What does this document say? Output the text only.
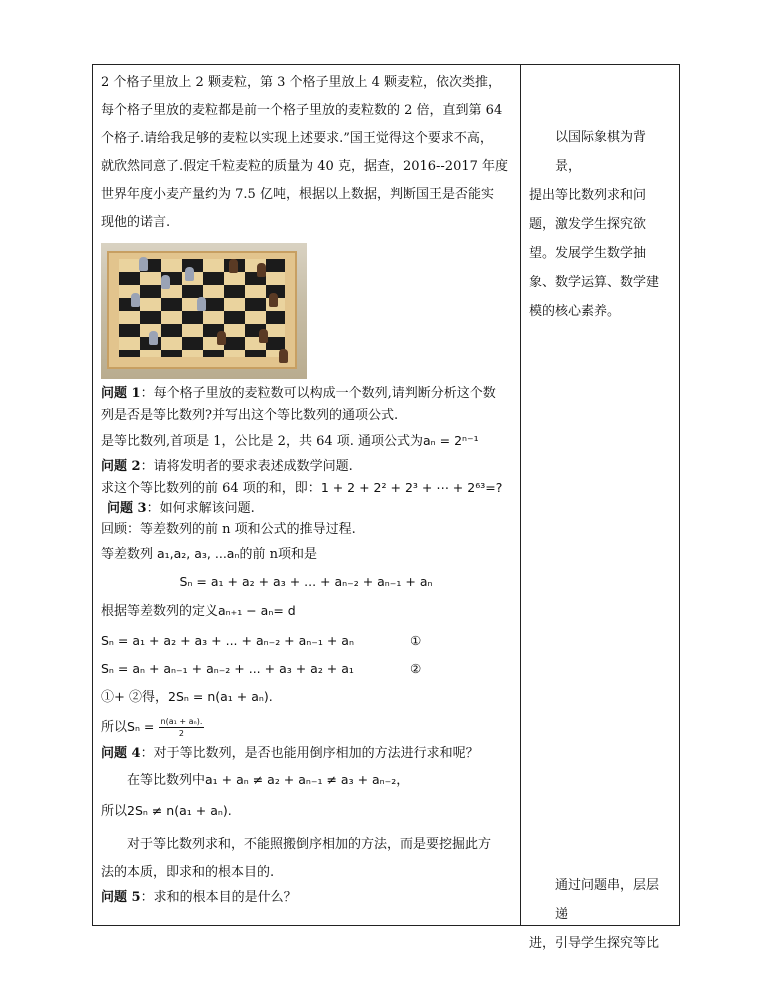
2 个格子里放上 2 颗麦粒，第 3 个格子里放上 4 颗麦粒，依次类推，

每个格子里放的麦粒都是前一个格子里放的麦粒数的 2 倍，直到第 64

个格子.请给我足够的麦粒以实现上述要求.”国王觉得这个要求不高，

就欣然同意了.假定千粒麦粒的质量为 40 克，据查，2016--2017 年度

世界年度小麦产量约为 7.5 亿吨，根据以上数据，判断国王是否能实

现他的诺言.

问题 1：每个格子里放的麦粒数可以构成一个数列,请判断分析这个数
列是否是等比数列?并写出这个等比数列的通项公式.

是等比数列,首项是 1，公比是 2，共 64 项. 通项公式为aₙ = 2ⁿ⁻¹

问题 2：请将发明者的要求表述成数学问题.

求这个等比数列的前 64 项的和，即：1 + 2 + 2² + 2³ + ⋯ + 2⁶³=?

问题 3：如何求解该问题.

回顾：等差数列的前 n 项和公式的推导过程.

等差数列 a₁,a₂, a₃, ...aₙ的前 n项和是

Sₙ = a₁ + a₂ + a₃ + ... + aₙ₋₂ + aₙ₋₁ + aₙ

根据等差数列的定义aₙ₊₁ − aₙ= d

Sₙ = a₁ + a₂ + a₃ + ... + aₙ₋₂ + aₙ₋₁ + aₙ	①

Sₙ = aₙ + aₙ₋₁ + aₙ₋₂ + ... + a₃ + a₂ + a₁	②

①+ ②得，2Sₙ = n(a₁ + aₙ).

所以$S_n = \frac{\text{n(a₁ + aₙ).}}{2}$

问题 4：对于等比数列，是否也能用倒序相加的方法进行求和呢？

在等比数列中a₁ + aₙ ≠ a₂ + aₙ₋₁ ≠ a₃ + aₙ₋₂，

所以2Sₙ ≠ n(a₁ + aₙ).

对于等比数列求和，不能照搬倒序相加的方法，而是要挖掘此方

法的本质，即求和的根本目的.

问题 5：求和的根本目的是什么？

以国际象棋为背景，
提出等比数列求和问
题，激发学生探究欲
望。发展学生数学抽
象、数学运算、数学建
模的核心素养。
通过问题串，层层递
进，引导学生探究等比
